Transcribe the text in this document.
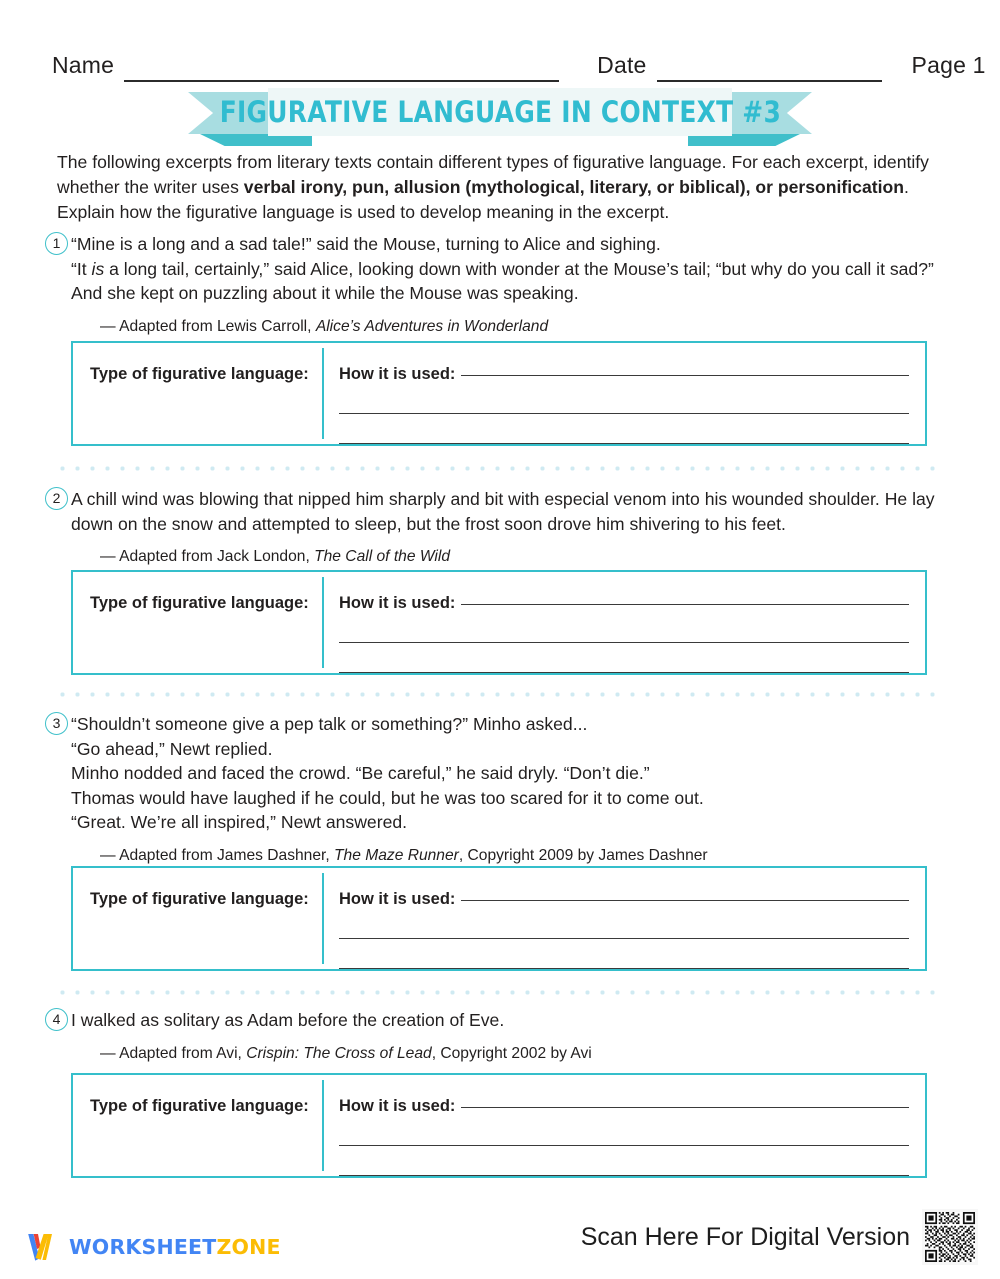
Name	Date	Page 1
FIGURATIVE LANGUAGE IN CONTEXT #3
The following excerpts from literary texts contain different types of figurative language. For each excerpt, identify whether the writer uses verbal irony, pun, allusion (mythological, literary, or biblical), or personification. Explain how the figurative language is used to develop meaning in the excerpt.
1 “Mine is a long and a sad tale!” said the Mouse, turning to Alice and sighing.
“It is a long tail, certainly,” said Alice, looking down with wonder at the Mouse’s tail; “but why do you call it sad?”
And she kept on puzzling about it while the Mouse was speaking.
— Adapted from Lewis Carroll, Alice’s Adventures in Wonderland
Type of figurative language:	How it is used:
2 A chill wind was blowing that nipped him sharply and bit with especial venom into his wounded shoulder. He lay down on the snow and attempted to sleep, but the frost soon drove him shivering to his feet.
— Adapted from Jack London, The Call of the Wild
Type of figurative language:	How it is used:
3 “Shouldn’t someone give a pep talk or something?” Minho asked...
“Go ahead,” Newt replied.
Minho nodded and faced the crowd. “Be careful,” he said dryly. “Don’t die.”
Thomas would have laughed if he could, but he was too scared for it to come out.
“Great. We’re all inspired,” Newt answered.
— Adapted from James Dashner, The Maze Runner, Copyright 2009 by James Dashner
Type of figurative language:	How it is used:
4 I walked as solitary as Adam before the creation of Eve.
— Adapted from Avi, Crispin: The Cross of Lead, Copyright 2002 by Avi
Type of figurative language:	How it is used:
WORKSHEETZONE	Scan Here For Digital Version
